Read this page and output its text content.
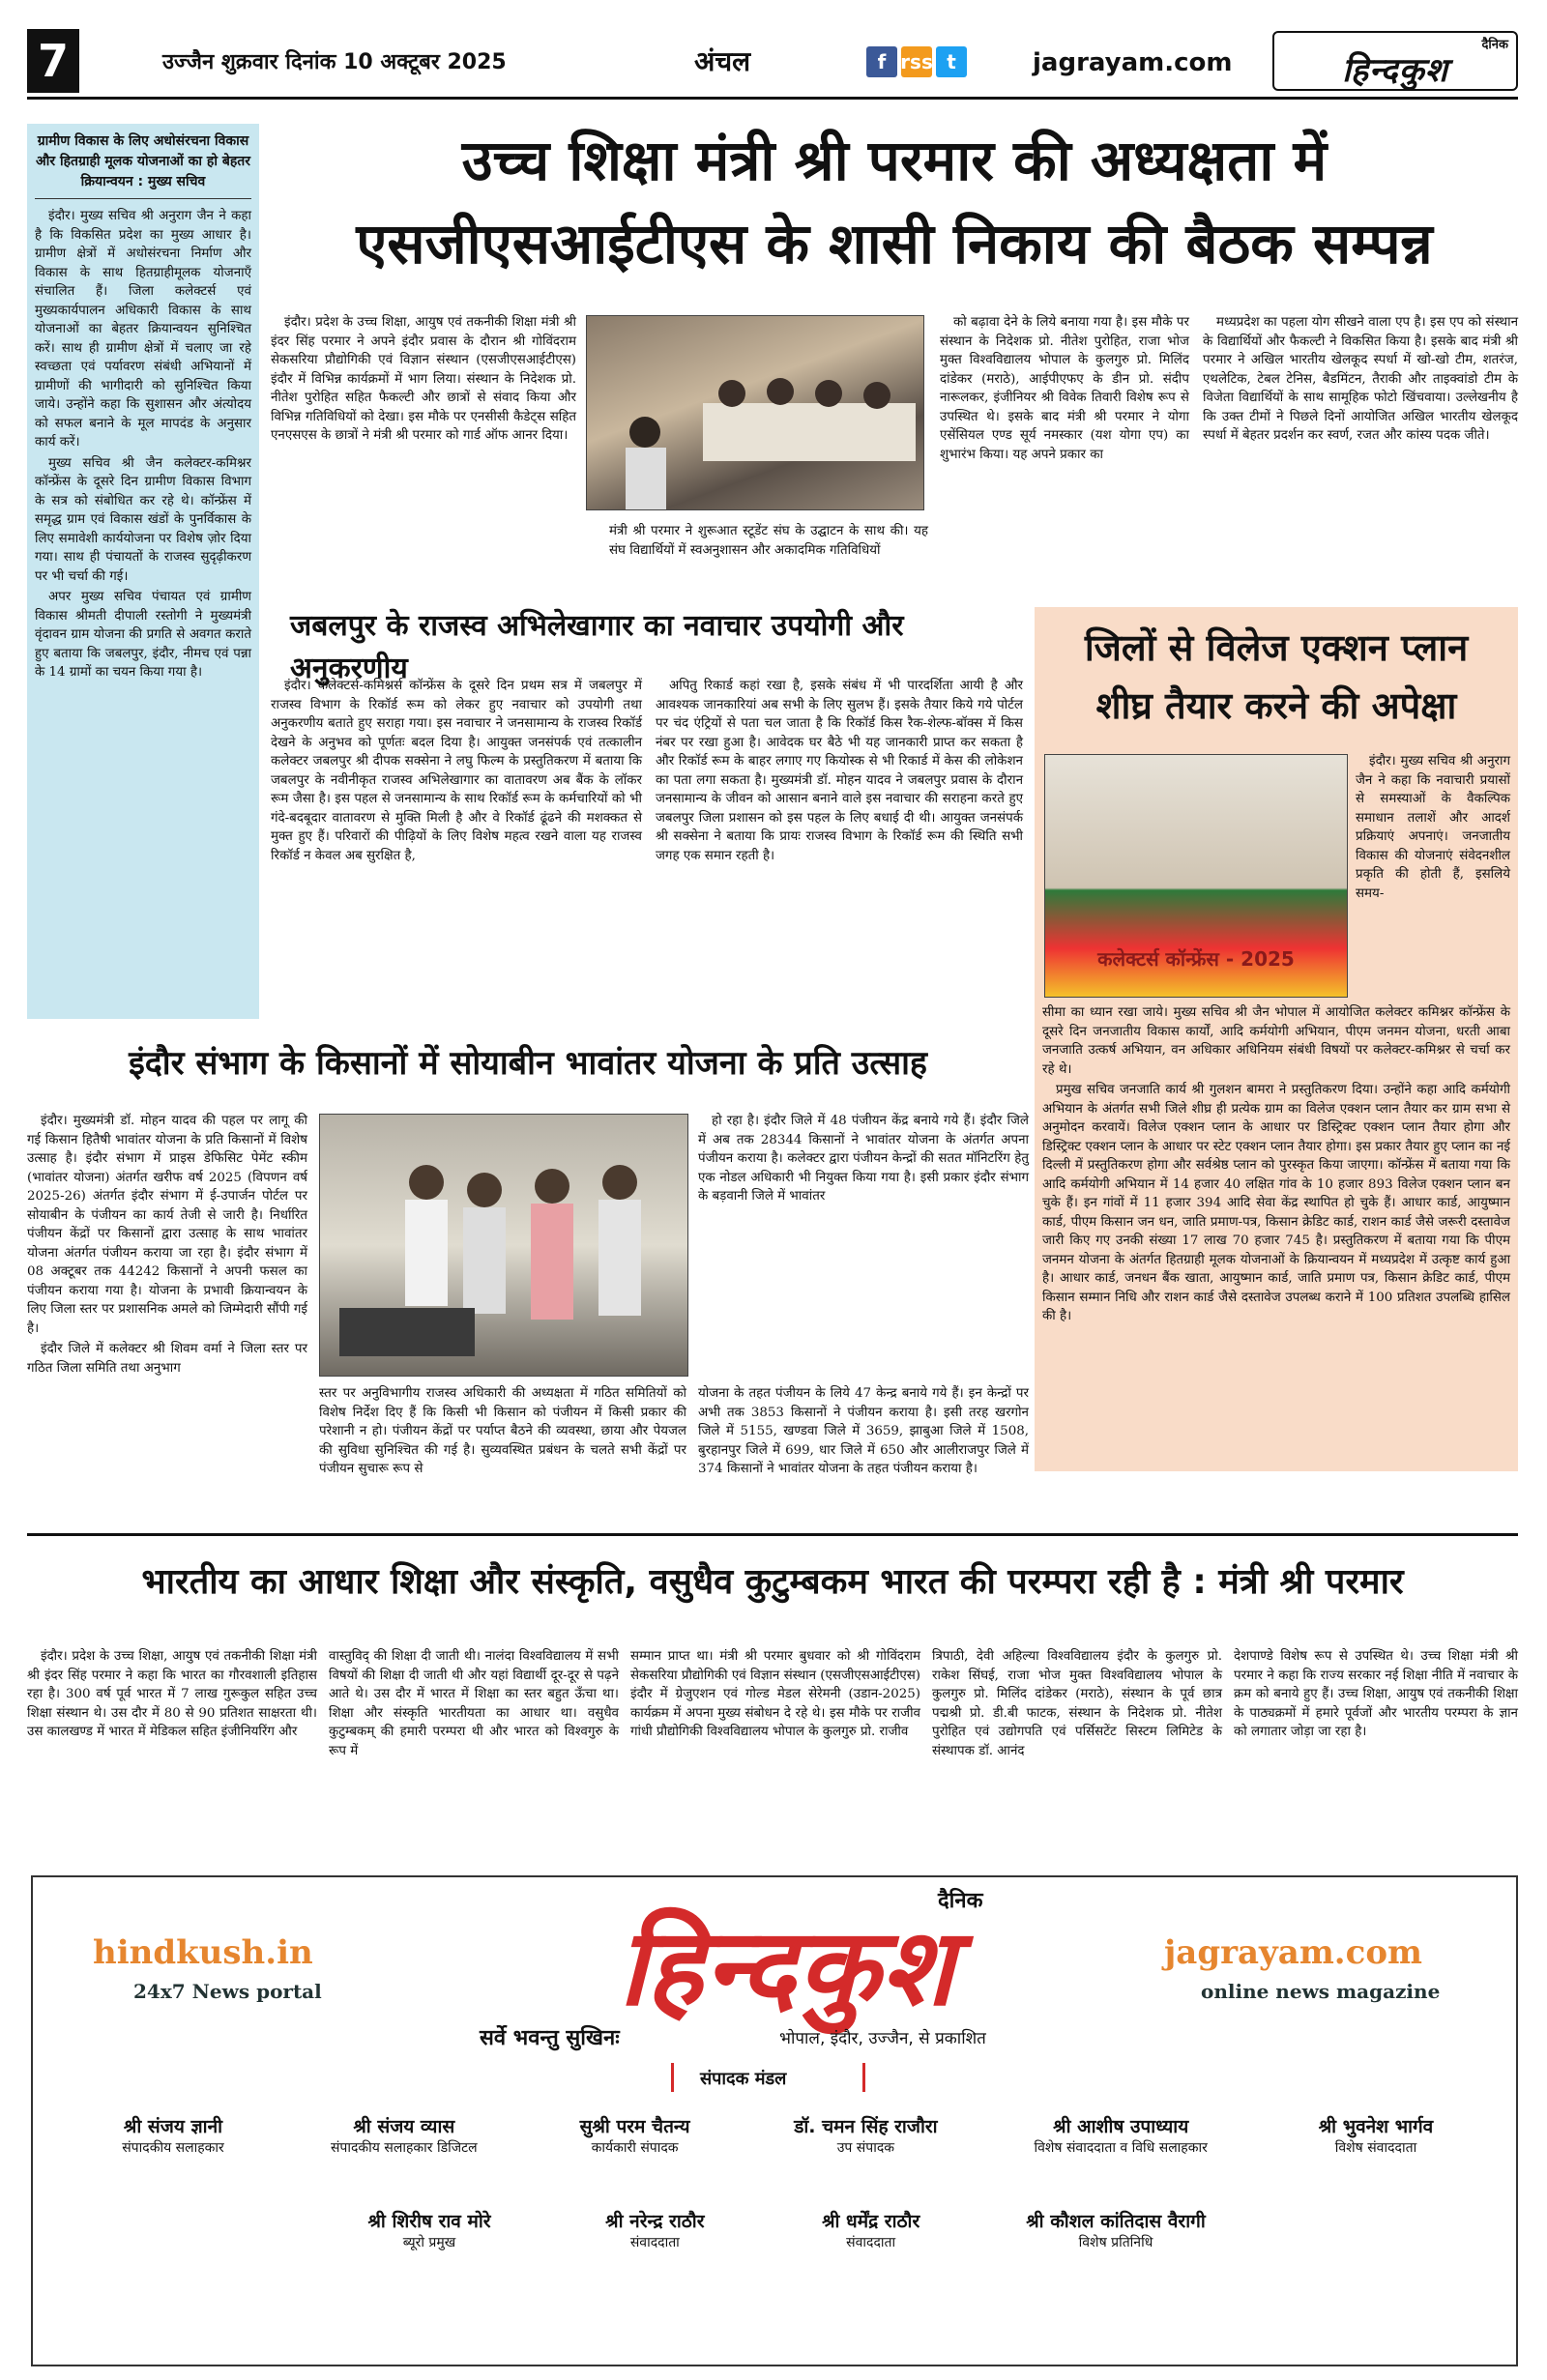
7	उज्जैन शुक्रवार दिनांक 10 अक्टूबर 2025	अंचल	f rss t	jagrayam.com
दैनिक
हिन्दकुश
ग्रामीण विकास के लिए अधोसंरचना विकास और हितग्राही मूलक योजनाओं का हो बेहतर क्रियान्वयन : मुख्य सचिव

इंदौर। मुख्य सचिव श्री अनुराग जैन ने कहा है कि विकसित प्रदेश का मुख्य आधार है। ग्रामीण क्षेत्रों में अधोसंरचना निर्माण और विकास के साथ हितग्राहीमूलक योजनाएँ संचालित हैं। जिला कलेक्टर्स एवं मुख्यकार्यपालन अधिकारी विकास के साथ योजनाओं का बेहतर क्रियान्वयन सुनिश्चित करें। साथ ही ग्रामीण क्षेत्रों में चलाए जा रहे स्वच्छता एवं पर्यावरण संबंधी अभियानों में ग्रामीणों की भागीदारी को सुनिश्चित किया जाये। उन्होंने कहा कि सुशासन और अंत्योदय को सफल बनाने के मूल मापदंड के अनुसार कार्य करें।

मुख्य सचिव श्री जैन कलेक्टर-कमिश्नर कॉन्फ्रेंस के दूसरे दिन ग्रामीण विकास विभाग के सत्र को संबोधित कर रहे थे। कॉन्फ्रेंस में समृद्ध ग्राम एवं विकास खंडों के पुनर्विकास के लिए समावेशी कार्ययोजना पर विशेष ज़ोर दिया गया। साथ ही पंचायतों के राजस्व सुदृढ़ीकरण पर भी चर्चा की गई।

अपर मुख्य सचिव पंचायत एवं ग्रामीण विकास श्रीमती दीपाली रस्तोगी ने मुख्यमंत्री वृंदावन ग्राम योजना की प्रगति से अवगत कराते हुए बताया कि जबलपुर, इंदौर, नीमच एवं पन्ना के 14 ग्रामों का चयन किया गया है।

उच्च शिक्षा मंत्री श्री परमार की अध्यक्षता में
एसजीएसआईटीएस के शासी निकाय की बैठक सम्पन्न

इंदौर। प्रदेश के उच्च शिक्षा, आयुष एवं तकनीकी शिक्षा मंत्री श्री इंदर सिंह परमार ने अपने इंदौर प्रवास के दौरान श्री गोविंदराम सेकसरिया प्रौद्योगिकी एवं विज्ञान संस्थान (एसजीएसआईटीएस) इंदौर में विभिन्न कार्यक्रमों में भाग लिया। संस्थान के निदेशक प्रो. नीतेश पुरोहित सहित फैकल्टी और छात्रों से संवाद किया और विभिन्न गतिविधियों को देखा। इस मौके पर एनसीसी कैडेट्स सहित एनएसएस के छात्रों ने मंत्री श्री परमार को गार्ड ऑफ आनर दिया।

मंत्री श्री परमार ने शुरूआत स्टूडेंट संघ के उद्घाटन के साथ की। यह संघ विद्यार्थियों में स्वअनुशासन और अकादमिक गतिविधियों

को बढ़ावा देने के लिये बनाया गया है। इस मौके पर संस्थान के निदेशक प्रो. नीतेश पुरोहित, राजा भोज मुक्त विश्वविद्यालय भोपाल के कुलगुरु प्रो. मिलिंद दांडेकर (मराठे), आईपीएफए के डीन प्रो. संदीप नारूलकर, इंजीनियर श्री विवेक तिवारी विशेष रूप से उपस्थित थे। इसके बाद मंत्री श्री परमार ने योगा एसेंसियल एण्ड सूर्य नमस्कार (यश योगा एप) का शुभारंभ किया। यह अपने प्रकार का

मध्यप्रदेश का पहला योग सीखने वाला एप है। इस एप को संस्थान के विद्यार्थियों और फैकल्टी ने विकसित किया है। इसके बाद मंत्री श्री परमार ने अखिल भारतीय खेलकूद स्पर्धा में खो-खो टीम, शतरंज, एथलेटिक, टेबल टेनिस, बैडमिंटन, तैराकी और ताइक्वांडो टीम के विजेता विद्यार्थियों के साथ सामूहिक फोटो खिंचवाया। उल्लेखनीय है कि उक्त टीमों ने पिछले दिनों आयोजित अखिल भारतीय खेलकूद स्पर्धा में बेहतर प्रदर्शन कर स्वर्ण, रजत और कांस्य पदक जीते।

जबलपुर के राजस्व अभिलेखागार का नवाचार उपयोगी और अनुकरणीय

इंदौर। कलेक्टर्स-कमिश्नर्स कॉन्फ्रेंस के दूसरे दिन प्रथम सत्र में जबलपुर में राजस्व विभाग के रिकॉर्ड रूम को लेकर हुए नवाचार को उपयोगी तथा अनुकरणीय बताते हुए सराहा गया। इस नवाचार ने जनसामान्य के राजस्व रिकॉर्ड देखने के अनुभव को पूर्णतः बदल दिया है। आयुक्त जनसंपर्क एवं तत्कालीन कलेक्टर जबलपुर श्री दीपक सक्सेना ने लघु फिल्म के प्रस्तुतिकरण में बताया कि जबलपुर के नवीनीकृत राजस्व अभिलेखागार का वातावरण अब बैंक के लॉकर रूम जैसा है। इस पहल से जनसामान्य के साथ रिकॉर्ड रूम के कर्मचारियों को भी गंदे-बदबूदार वातावरण से मुक्ति मिली है और वे रिकॉर्ड ढूंढने की मशक्कत से मुक्त हुए हैं। परिवारों की पीढ़ियों के लिए विशेष महत्व रखने वाला यह राजस्व रिकॉर्ड न केवल अब सुरक्षित है,

अपितु रिकार्ड कहां रखा है, इसके संबंध में भी पारदर्शिता आयी है और आवश्यक जानकारियां अब सभी के लिए सुलभ हैं। इसके तैयार किये गये पोर्टल पर चंद एंट्रियों से पता चल जाता है कि रिकॉर्ड किस रैक-शेल्फ-बॉक्स में किस नंबर पर रखा हुआ है। आवेदक घर बैठे भी यह जानकारी प्राप्त कर सकता है और रिकॉर्ड रूम के बाहर लगाए गए कियोस्क से भी रिकार्ड में केस की लोकेशन का पता लगा सकता है। मुख्यमंत्री डॉ. मोहन यादव ने जबलपुर प्रवास के दौरान जनसामान्य के जीवन को आसान बनाने वाले इस नवाचार की सराहना करते हुए जबलपुर जिला प्रशासन को इस पहल के लिए बधाई दी थी। आयुक्त जनसंपर्क श्री सक्सेना ने बताया कि प्रायः राजस्व विभाग के रिकॉर्ड रूम की स्थिति सभी जगह एक समान रहती है।

जिलों से विलेज एक्शन प्लान
शीघ्र तैयार करने की अपेक्षा
कलेक्टर्स कॉन्फ्रेंस - 2025

इंदौर। मुख्य सचिव श्री अनुराग जैन ने कहा कि नवाचारी प्रयासों से समस्याओं के वैकल्पिक समाधान तलाशें और आदर्श प्रक्रियाएं अपनाएं। जनजातीय विकास की योजनाएं संवेदनशील प्रकृति की होती हैं, इसलिये समय-

सीमा का ध्यान रखा जाये। मुख्य सचिव श्री जैन भोपाल में आयोजित कलेक्टर कमिश्नर कॉन्फ्रेंस के दूसरे दिन जनजातीय विकास कार्यों, आदि कर्मयोगी अभियान, पीएम जनमन योजना, धरती आबा जनजाति उत्कर्ष अभियान, वन अधिकार अधिनियम संबंधी विषयों पर कलेक्टर-कमिश्नर से चर्चा कर रहे थे।

प्रमुख सचिव जनजाति कार्य श्री गुलशन बामरा ने प्रस्तुतिकरण दिया। उन्होंने कहा आदि कर्मयोगी अभियान के अंतर्गत सभी जिले शीघ्र ही प्रत्येक ग्राम का विलेज एक्शन प्लान तैयार कर ग्राम सभा से अनुमोदन करवायें। विलेज एक्शन प्लान के आधार पर डिस्ट्रिक्ट एक्शन प्लान तैयार होगा और डिस्ट्रिक्ट एक्शन प्लान के आधार पर स्टेट एक्शन प्लान तैयार होगा। इस प्रकार तैयार हुए प्लान का नई दिल्ली में प्रस्तुतिकरण होगा और सर्वश्रेष्ठ प्लान को पुरस्कृत किया जाएगा। कॉन्फ्रेंस में बताया गया कि आदि कर्मयोगी अभियान में 14 हजार 40 लक्षित गांव के 10 हजार 893 विलेज एक्शन प्लान बन चुके हैं। इन गांवों में 11 हजार 394 आदि सेवा केंद्र स्थापित हो चुके हैं। आधार कार्ड, आयुष्मान कार्ड, पीएम किसान जन धन, जाति प्रमाण-पत्र, किसान क्रेडिट कार्ड, राशन कार्ड जैसे जरूरी दस्तावेज जारी किए गए उनकी संख्या 17 लाख 70 हजार 745 है। प्रस्तुतिकरण में बताया गया कि पीएम जनमन योजना के अंतर्गत हितग्राही मूलक योजनाओं के क्रियान्वयन में मध्यप्रदेश में उत्कृष्ट कार्य हुआ है। आधार कार्ड, जनधन बैंक खाता, आयुष्मान कार्ड, जाति प्रमाण पत्र, किसान क्रेडिट कार्ड, पीएम किसान सम्मान निधि और राशन कार्ड जैसे दस्तावेज उपलब्ध कराने में 100 प्रतिशत उपलब्धि हासिल की है।

इंदौर संभाग के किसानों में सोयाबीन भावांतर योजना के प्रति उत्साह

इंदौर। मुख्यमंत्री डॉ. मोहन यादव की पहल पर लागू की गई किसान हितैषी भावांतर योजना के प्रति किसानों में विशेष उत्साह है। इंदौर संभाग में प्राइस डेफिसिट पेमेंट स्कीम (भावांतर योजना) अंतर्गत खरीफ वर्ष 2025 (विपणन वर्ष 2025-26) अंतर्गत इंदौर संभाग में ई-उपार्जन पोर्टल पर सोयाबीन के पंजीयन का कार्य तेजी से जारी है। निर्धारित पंजीयन केंद्रों पर किसानों द्वारा उत्साह के साथ भावांतर योजना अंतर्गत पंजीयन कराया जा रहा है। इंदौर संभाग में 08 अक्टूबर तक 44242 किसानों ने अपनी फसल का पंजीयन कराया गया है। योजना के प्रभावी क्रियान्वयन के लिए जिला स्तर पर प्रशासनिक अमले को जिम्मेदारी सौंपी गई है।

इंदौर जिले में कलेक्टर श्री शिवम वर्मा ने जिला स्तर पर गठित जिला समिति तथा अनुभाग

हो रहा है। इंदौर जिले में 48 पंजीयन केंद्र बनाये गये हैं। इंदौर जिले में अब तक 28344 किसानों ने भावांतर योजना के अंतर्गत अपना पंजीयन कराया है। कलेक्टर द्वारा पंजीयन केन्द्रों की सतत मॉनिटरिंग हेतु एक नोडल अधिकारी भी नियुक्त किया गया है। इसी प्रकार इंदौर संभाग के बड़वानी जिले में भावांतर

स्तर पर अनुविभागीय राजस्व अधिकारी की अध्यक्षता में गठित समितियों को विशेष निर्देश दिए हैं कि किसी भी किसान को पंजीयन में किसी प्रकार की परेशानी न हो। पंजीयन केंद्रों पर पर्याप्त बैठने की व्यवस्था, छाया और पेयजल की सुविधा सुनिश्चित की गई है। सुव्यवस्थित प्रबंधन के चलते सभी केंद्रों पर पंजीयन सुचारू रूप से

योजना के तहत पंजीयन के लिये 47 केन्द्र बनाये गये हैं। इन केन्द्रों पर अभी तक 3853 किसानों ने पंजीयन कराया है। इसी तरह खरगोन जिले में 5155, खण्डवा जिले में 3659, झाबुआ जिले में 1508, बुरहानपुर जिले में 699, धार जिले में 650 और आलीराजपुर जिले में 374 किसानों ने भावांतर योजना के तहत पंजीयन कराया है।

भारतीय का आधार शिक्षा और संस्कृति, वसुधैव कुटुम्बकम भारत की परम्परा रही है : मंत्री श्री परमार

इंदौर। प्रदेश के उच्च शिक्षा, आयुष एवं तकनीकी शिक्षा मंत्री श्री इंदर सिंह परमार ने कहा कि भारत का गौरवशाली इतिहास रहा है। 300 वर्ष पूर्व भारत में 7 लाख गुरूकुल सहित उच्च शिक्षा संस्थान थे। उस दौर में 80 से 90 प्रतिशत साक्षरता थी। उस कालखण्ड में भारत में मेडिकल सहित इंजीनियरिंग और

वास्तुविद् की शिक्षा दी जाती थी। नालंदा विश्वविद्यालय में सभी विषयों की शिक्षा दी जाती थी और यहां विद्यार्थी दूर-दूर से पढ़ने आते थे। उस दौर में भारत में शिक्षा का स्तर बहुत ऊँचा था। शिक्षा और संस्कृति भारतीयता का आधार था। वसुधैव कुटुम्बकम् की हमारी परम्परा थी और भारत को विश्वगुरु के रूप में

सम्मान प्राप्त था। मंत्री श्री परमार बुधवार को श्री गोविंदराम सेकसरिया प्रौद्योगिकी एवं विज्ञान संस्थान (एसजीएसआईटीएस) इंदौर में ग्रेजुएशन एवं गोल्ड मेडल सेरेमनी (उडान-2025) कार्यक्रम में अपना मुख्य संबोधन दे रहे थे। इस मौके पर राजीव गांधी प्रौद्योगिकी विश्वविद्यालय भोपाल के कुलगुरु प्रो. राजीव

त्रिपाठी, देवी अहिल्या विश्वविद्यालय इंदौर के कुलगुरु प्रो. राकेश सिंघई, राजा भोज मुक्त विश्वविद्यालय भोपाल के कुलगुरु प्रो. मिलिंद दांडेकर (मराठे), संस्थान के पूर्व छात्र पद्मश्री प्रो. डी.बी फाटक, संस्थान के निदेशक प्रो. नीतेश पुरोहित एवं उद्योगपति एवं पर्सिसटेंट सिस्टम लिमिटेड के संस्थापक डॉ. आनंद

देशपाण्डे विशेष रूप से उपस्थित थे। उच्च शिक्षा मंत्री श्री परमार ने कहा कि राज्य सरकार नई शिक्षा नीति में नवाचार के क्रम को बनाये हुए हैं। उच्च शिक्षा, आयुष एवं तकनीकी शिक्षा के पाठ्यक्रमों में हमारे पूर्वजों और भारतीय परम्परा के ज्ञान को लगातार जोड़ा जा रहा है।

hindkush.in
24x7 News portal
दैनिक
हिन्दकुश	jagrayam.com
online news magazine
सर्वे भवन्तु सुखिनः	भोपाल, इंदौर, उज्जैन, से प्रकाशित
संपादक मंडल
श्री संजय ज्ञानी
संपादकीय सलाहकार
श्री संजय व्यास
संपादकीय सलाहकार डिजिटल
सुश्री परम चैतन्य
कार्यकारी संपादक
डॉ. चमन सिंह राजौरा
उप संपादक
श्री आशीष उपाध्याय
विशेष संवाददाता व विधि सलाहकार
श्री भुवनेश भार्गव
विशेष संवाददाता
श्री शिरीष राव मोरे
ब्यूरो प्रमुख
श्री नरेन्द्र राठौर
संवाददाता
श्री धर्मेंद्र राठौर
संवाददाता
श्री कौशल कांतिदास वैरागी
विशेष प्रतिनिधि
